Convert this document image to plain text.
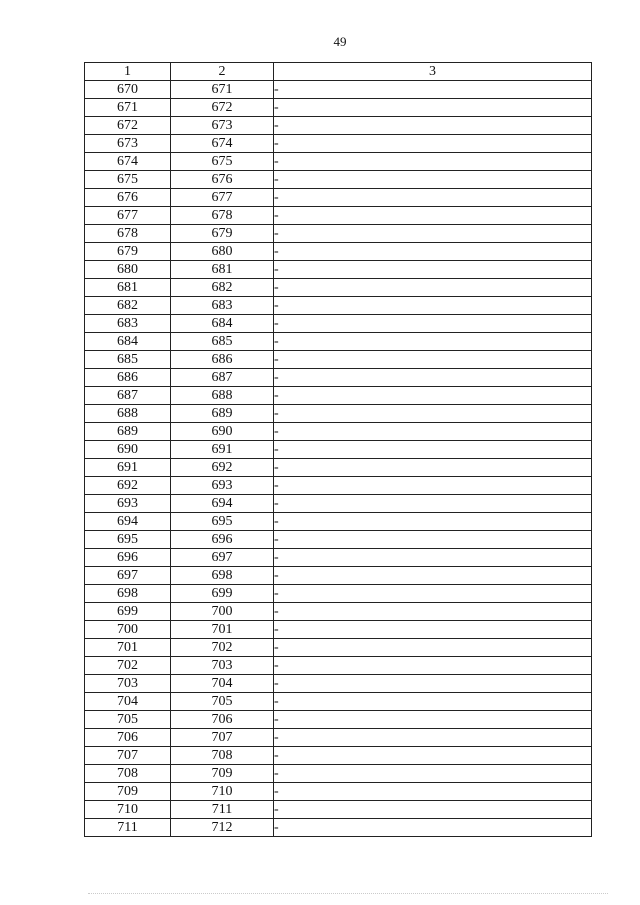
49
1	2	3
670	671	-
671	672	-
672	673	-
673	674	-
674	675	-
675	676	-
676	677	-
677	678	-
678	679	-
679	680	-
680	681	-
681	682	-
682	683	-
683	684	-
684	685	-
685	686	-
686	687	-
687	688	-
688	689	-
689	690	-
690	691	-
691	692	-
692	693	-
693	694	-
694	695	-
695	696	-
696	697	-
697	698	-
698	699	-
699	700	-
700	701	-
701	702	-
702	703	-
703	704	-
704	705	-
705	706	-
706	707	-
707	708	-
708	709	-
709	710	-
710	711	-
711	712	-
